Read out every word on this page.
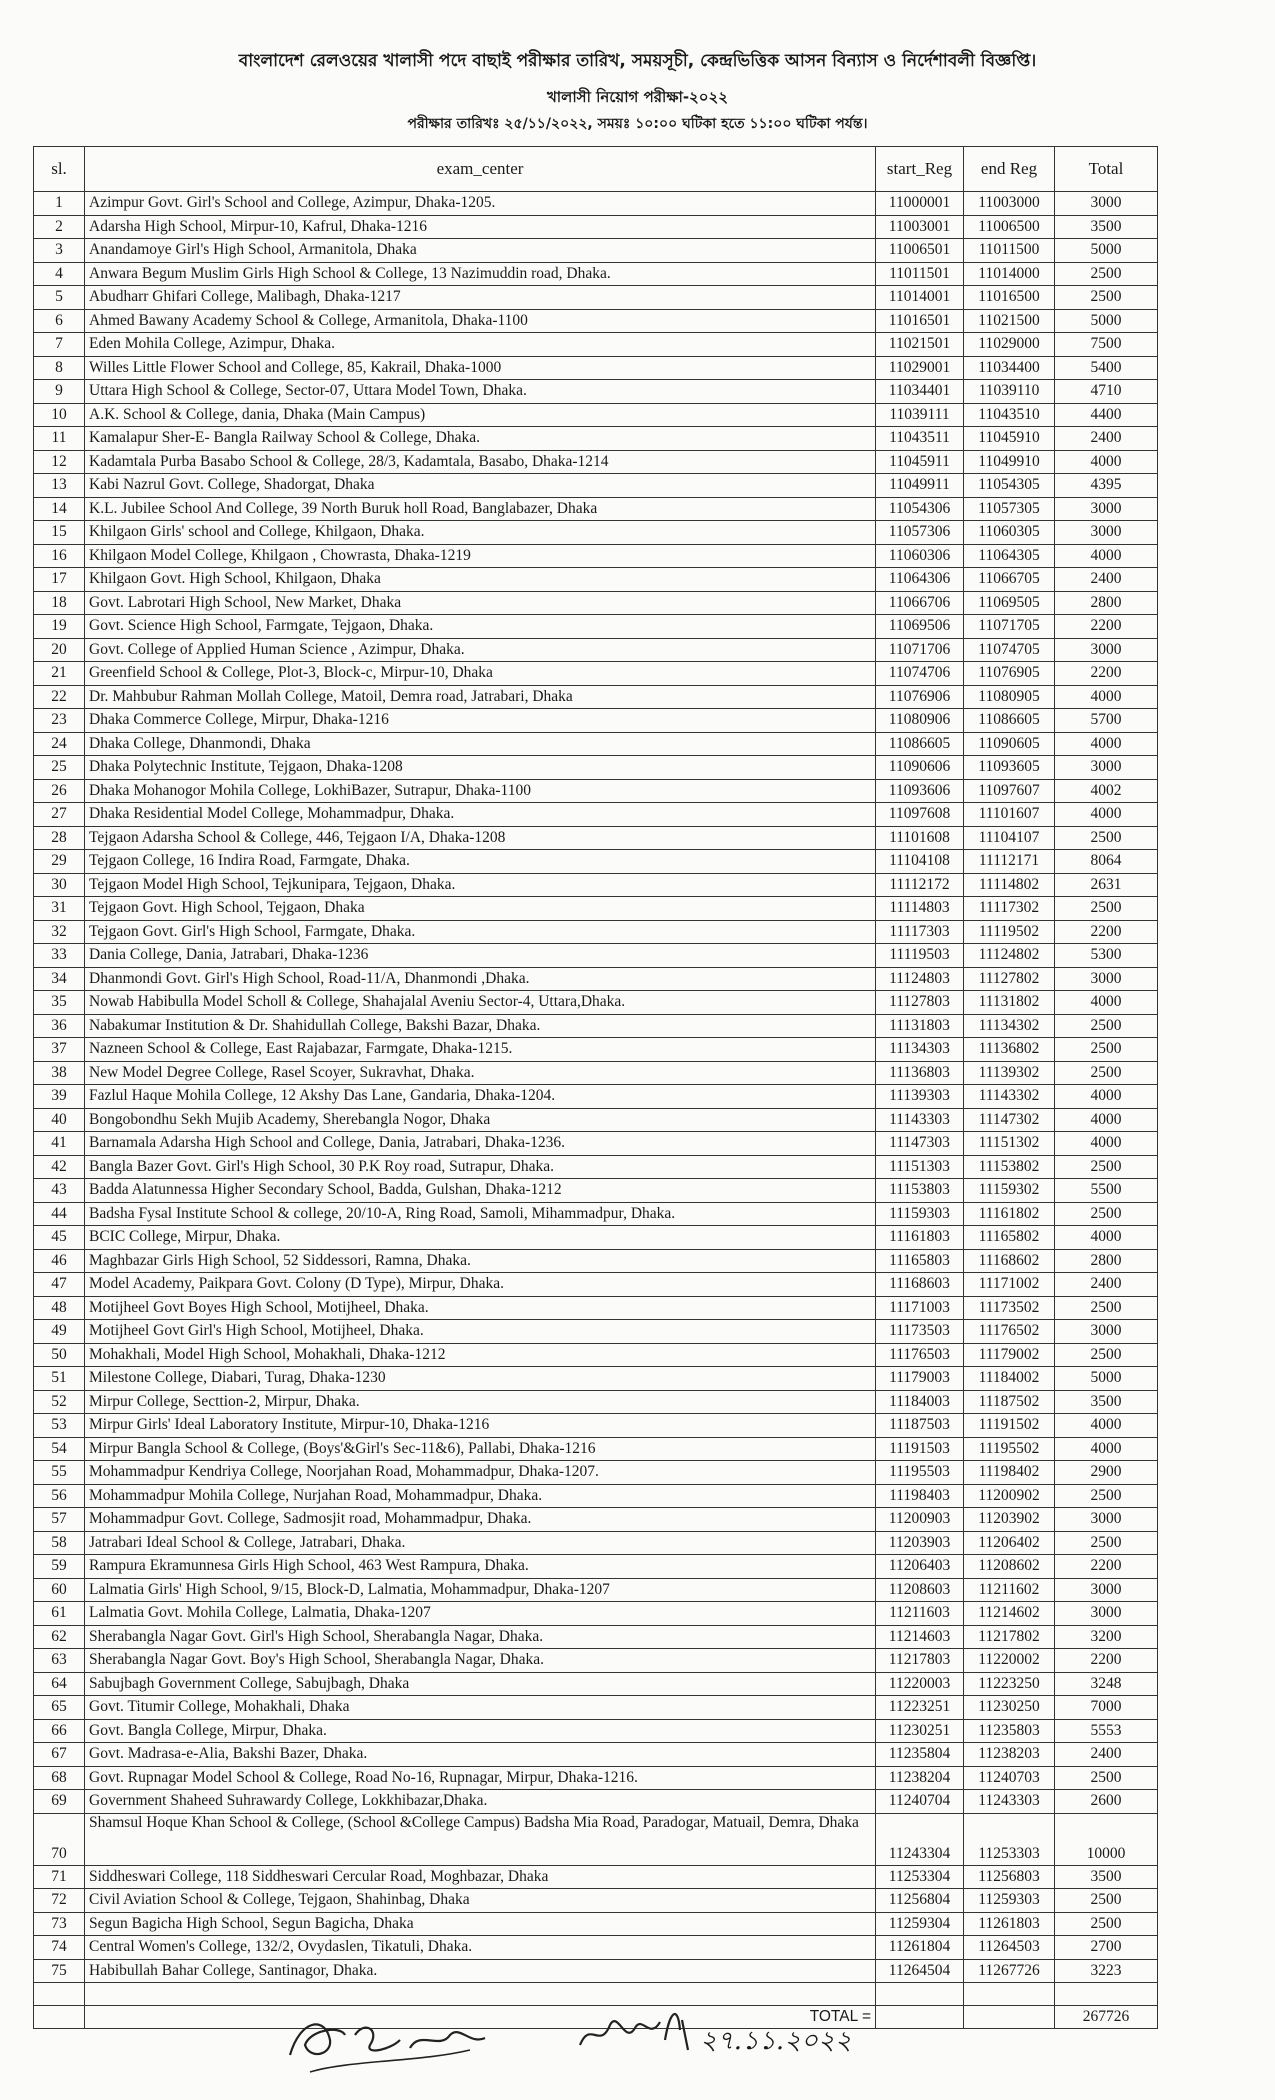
বাংলাদেশ রেলওয়ের খালাসী পদে বাছাই পরীক্ষার তারিখ, সময়সূচী, কেন্দ্রভিত্তিক আসন বিন্যাস ও নির্দেশাবলী বিজ্ঞপ্তি।
খালাসী নিয়োগ পরীক্ষা-২০২২
পরীক্ষার তারিখঃ ২৫/১১/২০২২, সময়ঃ ১০:০০ ঘটিকা হতে ১১:০০ ঘটিকা পর্যন্ত।
sl.	exam_center	start_Reg	end Reg	Total
1	Azimpur Govt. Girl's School and College, Azimpur, Dhaka-1205.	11000001	11003000	3000
2	Adarsha High School, Mirpur-10, Kafrul, Dhaka-1216	11003001	11006500	3500
3	Anandamoye Girl's High School, Armanitola, Dhaka	11006501	11011500	5000
4	Anwara Begum Muslim Girls High School & College, 13 Nazimuddin road, Dhaka.	11011501	11014000	2500
5	Abudharr Ghifari College, Malibagh, Dhaka-1217	11014001	11016500	2500
6	Ahmed Bawany Academy School & College, Armanitola, Dhaka-1100	11016501	11021500	5000
7	Eden Mohila College, Azimpur, Dhaka.	11021501	11029000	7500
8	Willes Little Flower School and College, 85, Kakrail, Dhaka-1000	11029001	11034400	5400
9	Uttara High School & College, Sector-07, Uttara Model Town, Dhaka.	11034401	11039110	4710
10	A.K. School & College, dania, Dhaka (Main Campus)	11039111	11043510	4400
11	Kamalapur Sher-E- Bangla Railway School & College, Dhaka.	11043511	11045910	2400
12	Kadamtala Purba Basabo School & College, 28/3, Kadamtala, Basabo, Dhaka-1214	11045911	11049910	4000
13	Kabi Nazrul Govt. College, Shadorgat, Dhaka	11049911	11054305	4395
14	K.L. Jubilee School And College, 39 North Buruk holl Road, Banglabazer, Dhaka	11054306	11057305	3000
15	Khilgaon Girls' school and College, Khilgaon, Dhaka.	11057306	11060305	3000
16	Khilgaon Model College, Khilgaon , Chowrasta, Dhaka-1219	11060306	11064305	4000
17	Khilgaon Govt. High School, Khilgaon, Dhaka	11064306	11066705	2400
18	Govt. Labrotari High School, New Market, Dhaka	11066706	11069505	2800
19	Govt. Science High School, Farmgate, Tejgaon, Dhaka.	11069506	11071705	2200
20	Govt. College of Applied Human Science , Azimpur, Dhaka.	11071706	11074705	3000
21	Greenfield School & College, Plot-3, Block-c, Mirpur-10, Dhaka	11074706	11076905	2200
22	Dr. Mahbubur Rahman Mollah College, Matoil, Demra road, Jatrabari, Dhaka	11076906	11080905	4000
23	Dhaka Commerce College, Mirpur, Dhaka-1216	11080906	11086605	5700
24	Dhaka College, Dhanmondi, Dhaka	11086605	11090605	4000
25	Dhaka Polytechnic Institute, Tejgaon, Dhaka-1208	11090606	11093605	3000
26	Dhaka Mohanogor Mohila College, LokhiBazer, Sutrapur, Dhaka-1100	11093606	11097607	4002
27	Dhaka Residential Model College, Mohammadpur, Dhaka.	11097608	11101607	4000
28	Tejgaon Adarsha School & College, 446, Tejgaon I/A, Dhaka-1208	11101608	11104107	2500
29	Tejgaon College, 16 Indira Road, Farmgate, Dhaka.	11104108	11112171	8064
30	Tejgaon Model High School, Tejkunipara, Tejgaon, Dhaka.	11112172	11114802	2631
31	Tejgaon Govt. High School, Tejgaon, Dhaka	11114803	11117302	2500
32	Tejgaon Govt. Girl's High School, Farmgate, Dhaka.	11117303	11119502	2200
33	Dania College, Dania, Jatrabari, Dhaka-1236	11119503	11124802	5300
34	Dhanmondi Govt. Girl's High School, Road-11/A, Dhanmondi ,Dhaka.	11124803	11127802	3000
35	Nowab Habibulla Model Scholl & College, Shahajalal Aveniu Sector-4, Uttara,Dhaka.	11127803	11131802	4000
36	Nabakumar Institution & Dr. Shahidullah College, Bakshi Bazar, Dhaka.	11131803	11134302	2500
37	Nazneen School & College, East Rajabazar, Farmgate, Dhaka-1215.	11134303	11136802	2500
38	New Model Degree College, Rasel Scoyer, Sukravhat, Dhaka.	11136803	11139302	2500
39	Fazlul Haque Mohila College, 12 Akshy Das Lane, Gandaria, Dhaka-1204.	11139303	11143302	4000
40	Bongobondhu Sekh Mujib Academy, Sherebangla Nogor, Dhaka	11143303	11147302	4000
41	Barnamala Adarsha High School and College, Dania, Jatrabari, Dhaka-1236.	11147303	11151302	4000
42	Bangla Bazer Govt. Girl's High School, 30 P.K Roy road, Sutrapur, Dhaka.	11151303	11153802	2500
43	Badda Alatunnessa Higher Secondary School, Badda, Gulshan, Dhaka-1212	11153803	11159302	5500
44	Badsha Fysal Institute School & college, 20/10-A, Ring Road, Samoli, Mihammadpur, Dhaka.	11159303	11161802	2500
45	BCIC College, Mirpur, Dhaka.	11161803	11165802	4000
46	Maghbazar Girls High School, 52 Siddessori, Ramna, Dhaka.	11165803	11168602	2800
47	Model Academy, Paikpara Govt. Colony (D Type), Mirpur, Dhaka.	11168603	11171002	2400
48	Motijheel Govt Boyes High School, Motijheel, Dhaka.	11171003	11173502	2500
49	Motijheel Govt Girl's High School, Motijheel, Dhaka.	11173503	11176502	3000
50	Mohakhali, Model High School, Mohakhali, Dhaka-1212	11176503	11179002	2500
51	Milestone College, Diabari, Turag, Dhaka-1230	11179003	11184002	5000
52	Mirpur College, Secttion-2, Mirpur, Dhaka.	11184003	11187502	3500
53	Mirpur Girls' Ideal Laboratory Institute, Mirpur-10, Dhaka-1216	11187503	11191502	4000
54	Mirpur Bangla School & College, (Boys'&Girl's Sec-11&6), Pallabi, Dhaka-1216	11191503	11195502	4000
55	Mohammadpur Kendriya College, Noorjahan Road, Mohammadpur, Dhaka-1207.	11195503	11198402	2900
56	Mohammadpur Mohila College, Nurjahan Road, Mohammadpur, Dhaka.	11198403	11200902	2500
57	Mohammadpur Govt. College, Sadmosjit road, Mohammadpur, Dhaka.	11200903	11203902	3000
58	Jatrabari Ideal School & College, Jatrabari, Dhaka.	11203903	11206402	2500
59	Rampura Ekramunnesa Girls High School, 463 West Rampura, Dhaka.	11206403	11208602	2200
60	Lalmatia Girls' High School, 9/15, Block-D, Lalmatia, Mohammadpur, Dhaka-1207	11208603	11211602	3000
61	Lalmatia Govt. Mohila College, Lalmatia, Dhaka-1207	11211603	11214602	3000
62	Sherabangla Nagar Govt. Girl's High School, Sherabangla Nagar, Dhaka.	11214603	11217802	3200
63	Sherabangla Nagar Govt. Boy's High School, Sherabangla Nagar, Dhaka.	11217803	11220002	2200
64	Sabujbagh Government College, Sabujbagh, Dhaka	11220003	11223250	3248
65	Govt. Titumir College, Mohakhali, Dhaka	11223251	11230250	7000
66	Govt. Bangla College, Mirpur, Dhaka.	11230251	11235803	5553
67	Govt. Madrasa-e-Alia, Bakshi Bazer, Dhaka.	11235804	11238203	2400
68	Govt. Rupnagar Model School & College, Road No-16, Rupnagar, Mirpur, Dhaka-1216.	11238204	11240703	2500
69	Government Shaheed Suhrawardy College, Lokkhibazar,Dhaka.	11240704	11243303	2600
70	Shamsul Hoque Khan School & College, (School &College Campus) Badsha Mia Road, Paradogar, Matuail, Demra, Dhaka	11243304	11253303	10000
71	Siddheswari College, 118 Siddheswari Cercular Road, Moghbazar, Dhaka	11253304	11256803	3500
72	Civil Aviation School & College, Tejgaon, Shahinbag, Dhaka	11256804	11259303	2500
73	Segun Bagicha High School, Segun Bagicha, Dhaka	11259304	11261803	2500
74	Central Women's College, 132/2, Ovydaslen, Tikatuli, Dhaka.	11261804	11264503	2700
75	Habibullah Bahar College, Santinagor, Dhaka.	11264504	11267726	3223

	TOTAL =			267726
২৭.১১.২০২২
